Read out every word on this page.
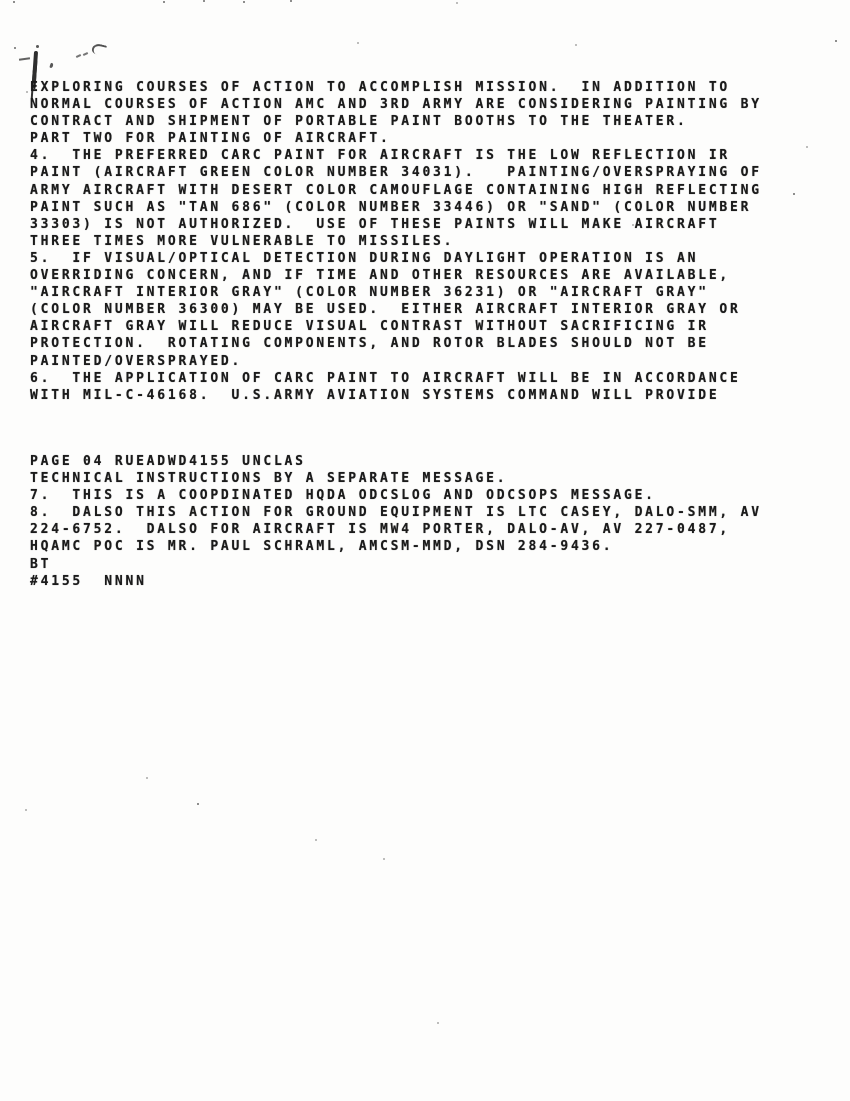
EXPLORING COURSES OF ACTION TO ACCOMPLISH MISSION.  IN ADDITION TO
NORMAL COURSES OF ACTION AMC AND 3RD ARMY ARE CONSIDERING PAINTING BY
CONTRACT AND SHIPMENT OF PORTABLE PAINT BOOTHS TO THE THEATER.
PART TWO FOR PAINTING OF AIRCRAFT.
4.  THE PREFERRED CARC PAINT FOR AIRCRAFT IS THE LOW REFLECTION IR
PAINT (AIRCRAFT GREEN COLOR NUMBER 34031).   PAINTING/OVERSPRAYING OF
ARMY AIRCRAFT WITH DESERT COLOR CAMOUFLAGE CONTAINING HIGH REFLECTING
PAINT SUCH AS "TAN 686" (COLOR NUMBER 33446) OR "SAND" (COLOR NUMBER
33303) IS NOT AUTHORIZED.  USE OF THESE PAINTS WILL MAKE AIRCRAFT
THREE TIMES MORE VULNERABLE TO MISSILES.
5.  IF VISUAL/OPTICAL DETECTION DURING DAYLIGHT OPERATION IS AN
OVERRIDING CONCERN, AND IF TIME AND OTHER RESOURCES ARE AVAILABLE,
"AIRCRAFT INTERIOR GRAY" (COLOR NUMBER 36231) OR "AIRCRAFT GRAY"
(COLOR NUMBER 36300) MAY BE USED.  EITHER AIRCRAFT INTERIOR GRAY OR
AIRCRAFT GRAY WILL REDUCE VISUAL CONTRAST WITHOUT SACRIFICING IR
PROTECTION.  ROTATING COMPONENTS, AND ROTOR BLADES SHOULD NOT BE
PAINTED/OVERSPRAYED.
6.  THE APPLICATION OF CARC PAINT TO AIRCRAFT WILL BE IN ACCORDANCE
WITH MIL-C-46168.  U.S.ARMY AVIATION SYSTEMS COMMAND WILL PROVIDE
PAGE 04 RUEADWD4155 UNCLAS
TECHNICAL INSTRUCTIONS BY A SEPARATE MESSAGE.
7.  THIS IS A COOPDINATED HQDA ODCSLOG AND ODCSOPS MESSAGE.
8.  DALSO THIS ACTION FOR GROUND EQUIPMENT IS LTC CASEY, DALO-SMM, AV
224-6752.  DALSO FOR AIRCRAFT IS MW4 PORTER, DALO-AV, AV 227-0487,
HQAMC POC IS MR. PAUL SCHRAML, AMCSM-MMD, DSN 284-9436.
BT
#4155  NNNN
